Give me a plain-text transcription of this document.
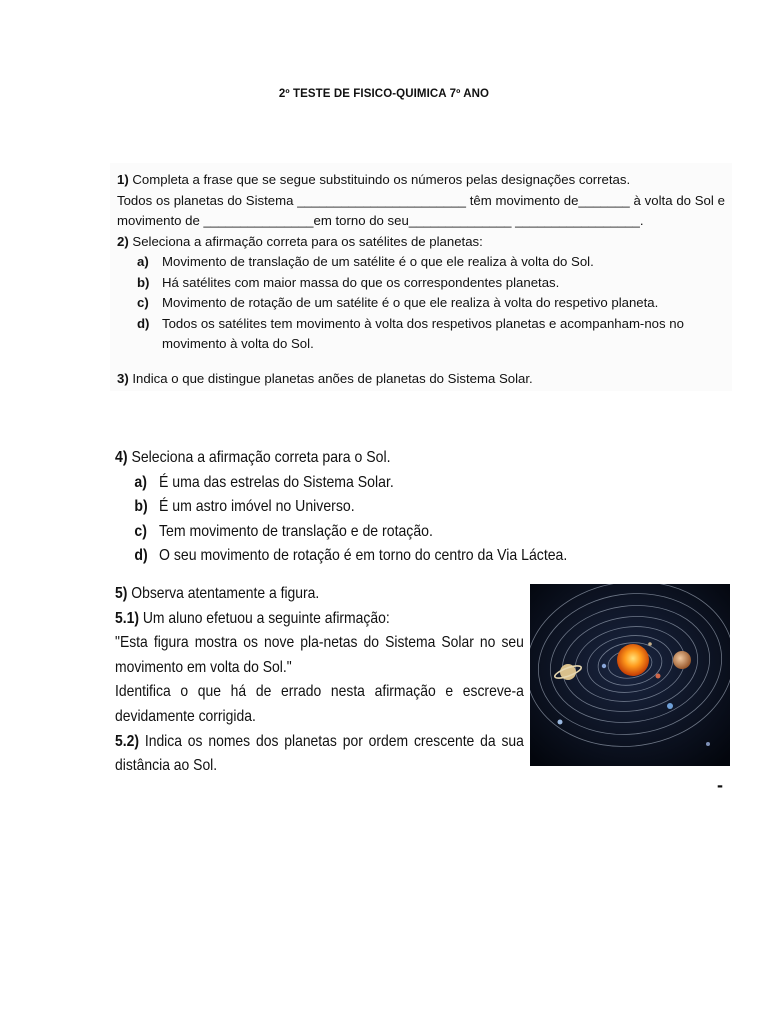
2º TESTE DE FISICO-QUIMICA 7º ANO
1) Completa a frase que se segue substituindo os números pelas designações corretas.
Todos os planetas do Sistema _______________________ têm movimento de_______ à volta do Sol e
movimento de _______________em torno do seu______________ _________________.
2) Seleciona a afirmação correta para os satélites de planetas:
a)	Movimento de translação de um satélite é o que ele realiza à volta do Sol.
b) Há satélites com maior massa do que os correspondentes planetas.
c)	Movimento de rotação de um satélite é o que ele realiza à volta do respetivo planeta.
d) Todos os satélites tem movimento à volta dos respetivos planetas e acompanham-nos no movimento à volta do Sol.
3) Indica o que distingue planetas anões de planetas do Sistema Solar.
4) Seleciona a afirmação correta para o Sol.
a) É uma das estrelas do Sistema Solar.
b) É um astro imóvel no Universo.
c) Tem movimento de translação e de rotação.
d) O seu movimento de rotação é em torno do centro da Via Láctea.
5) Observa atentamente a figura.
5.1) Um aluno efetuou a seguinte afirmação:
"Esta figura mostra os nove pla-netas do Sistema Solar no seu movimento em volta do Sol."
Identifica o que há de errado nesta afirmação e escreve-a devidamente corrigida.
5.2) Indica os nomes dos planetas por ordem crescente da sua distância ao Sol.
-
